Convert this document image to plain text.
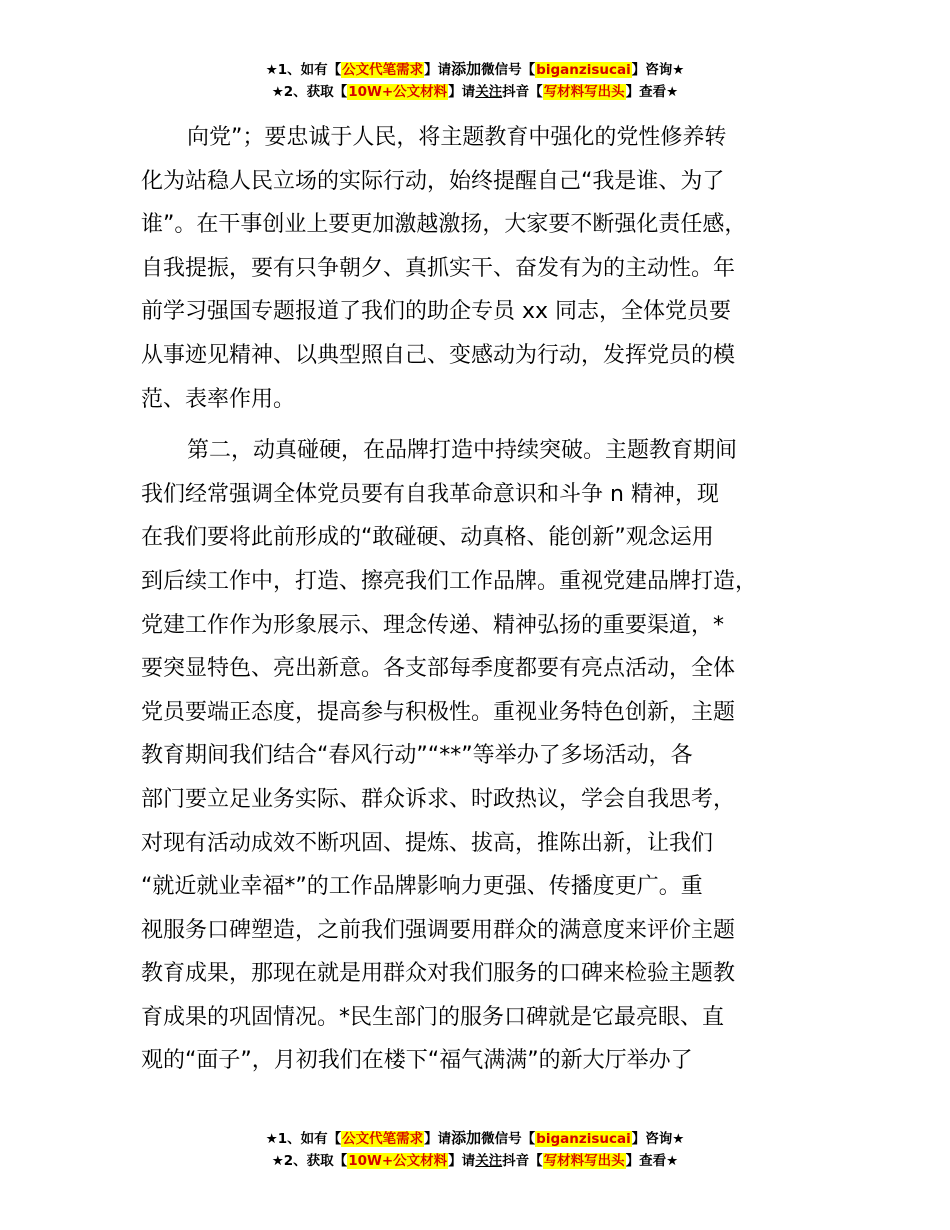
★1、如有【公文代笔需求】请添加微信号【biganzisucai】咨询★
★2、获取【10W+公文材料】请关注抖音【写材料写出头】查看★
向党”；要忠诚于人民，将主题教育中强化的党性修养转
化为站稳人民立场的实际行动，始终提醒自己“我是谁、为了
谁”。在干事创业上要更加激越激扬，大家要不断强化责任感，
自我提振，要有只争朝夕、真抓实干、奋发有为的主动性。年
前学习强国专题报道了我们的助企专员 xx 同志，全体党员要
从事迹见精神、以典型照自己、变感动为行动，发挥党员的模
范、表率作用。
第二，动真碰硬，在品牌打造中持续突破。主题教育期间
我们经常强调全体党员要有自我革命意识和斗争 n 精神，现
在我们要将此前形成的“敢碰硬、动真格、能创新”观念运用
到后续工作中，打造、擦亮我们工作品牌。重视党建品牌打造，
党建工作作为形象展示、理念传递、精神弘扬的重要渠道，*
要突显特色、亮出新意。各支部每季度都要有亮点活动，全体
党员要端正态度，提高参与积极性。重视业务特色创新，主题
教育期间我们结合“春风行动”“**”等举办了多场活动，各
部门要立足业务实际、群众诉求、时政热议，学会自我思考，
对现有活动成效不断巩固、提炼、拔高，推陈出新，让我们
“就近就业幸福*”的工作品牌影响力更强、传播度更广。重
视服务口碑塑造，之前我们强调要用群众的满意度来评价主题
教育成果，那现在就是用群众对我们服务的口碑来检验主题教
育成果的巩固情况。*民生部门的服务口碑就是它最亮眼、直
观的“面子”，月初我们在楼下“福气满满”的新大厅举办了
★1、如有【公文代笔需求】请添加微信号【biganzisucai】咨询★
★2、获取【10W+公文材料】请关注抖音【写材料写出头】查看★
